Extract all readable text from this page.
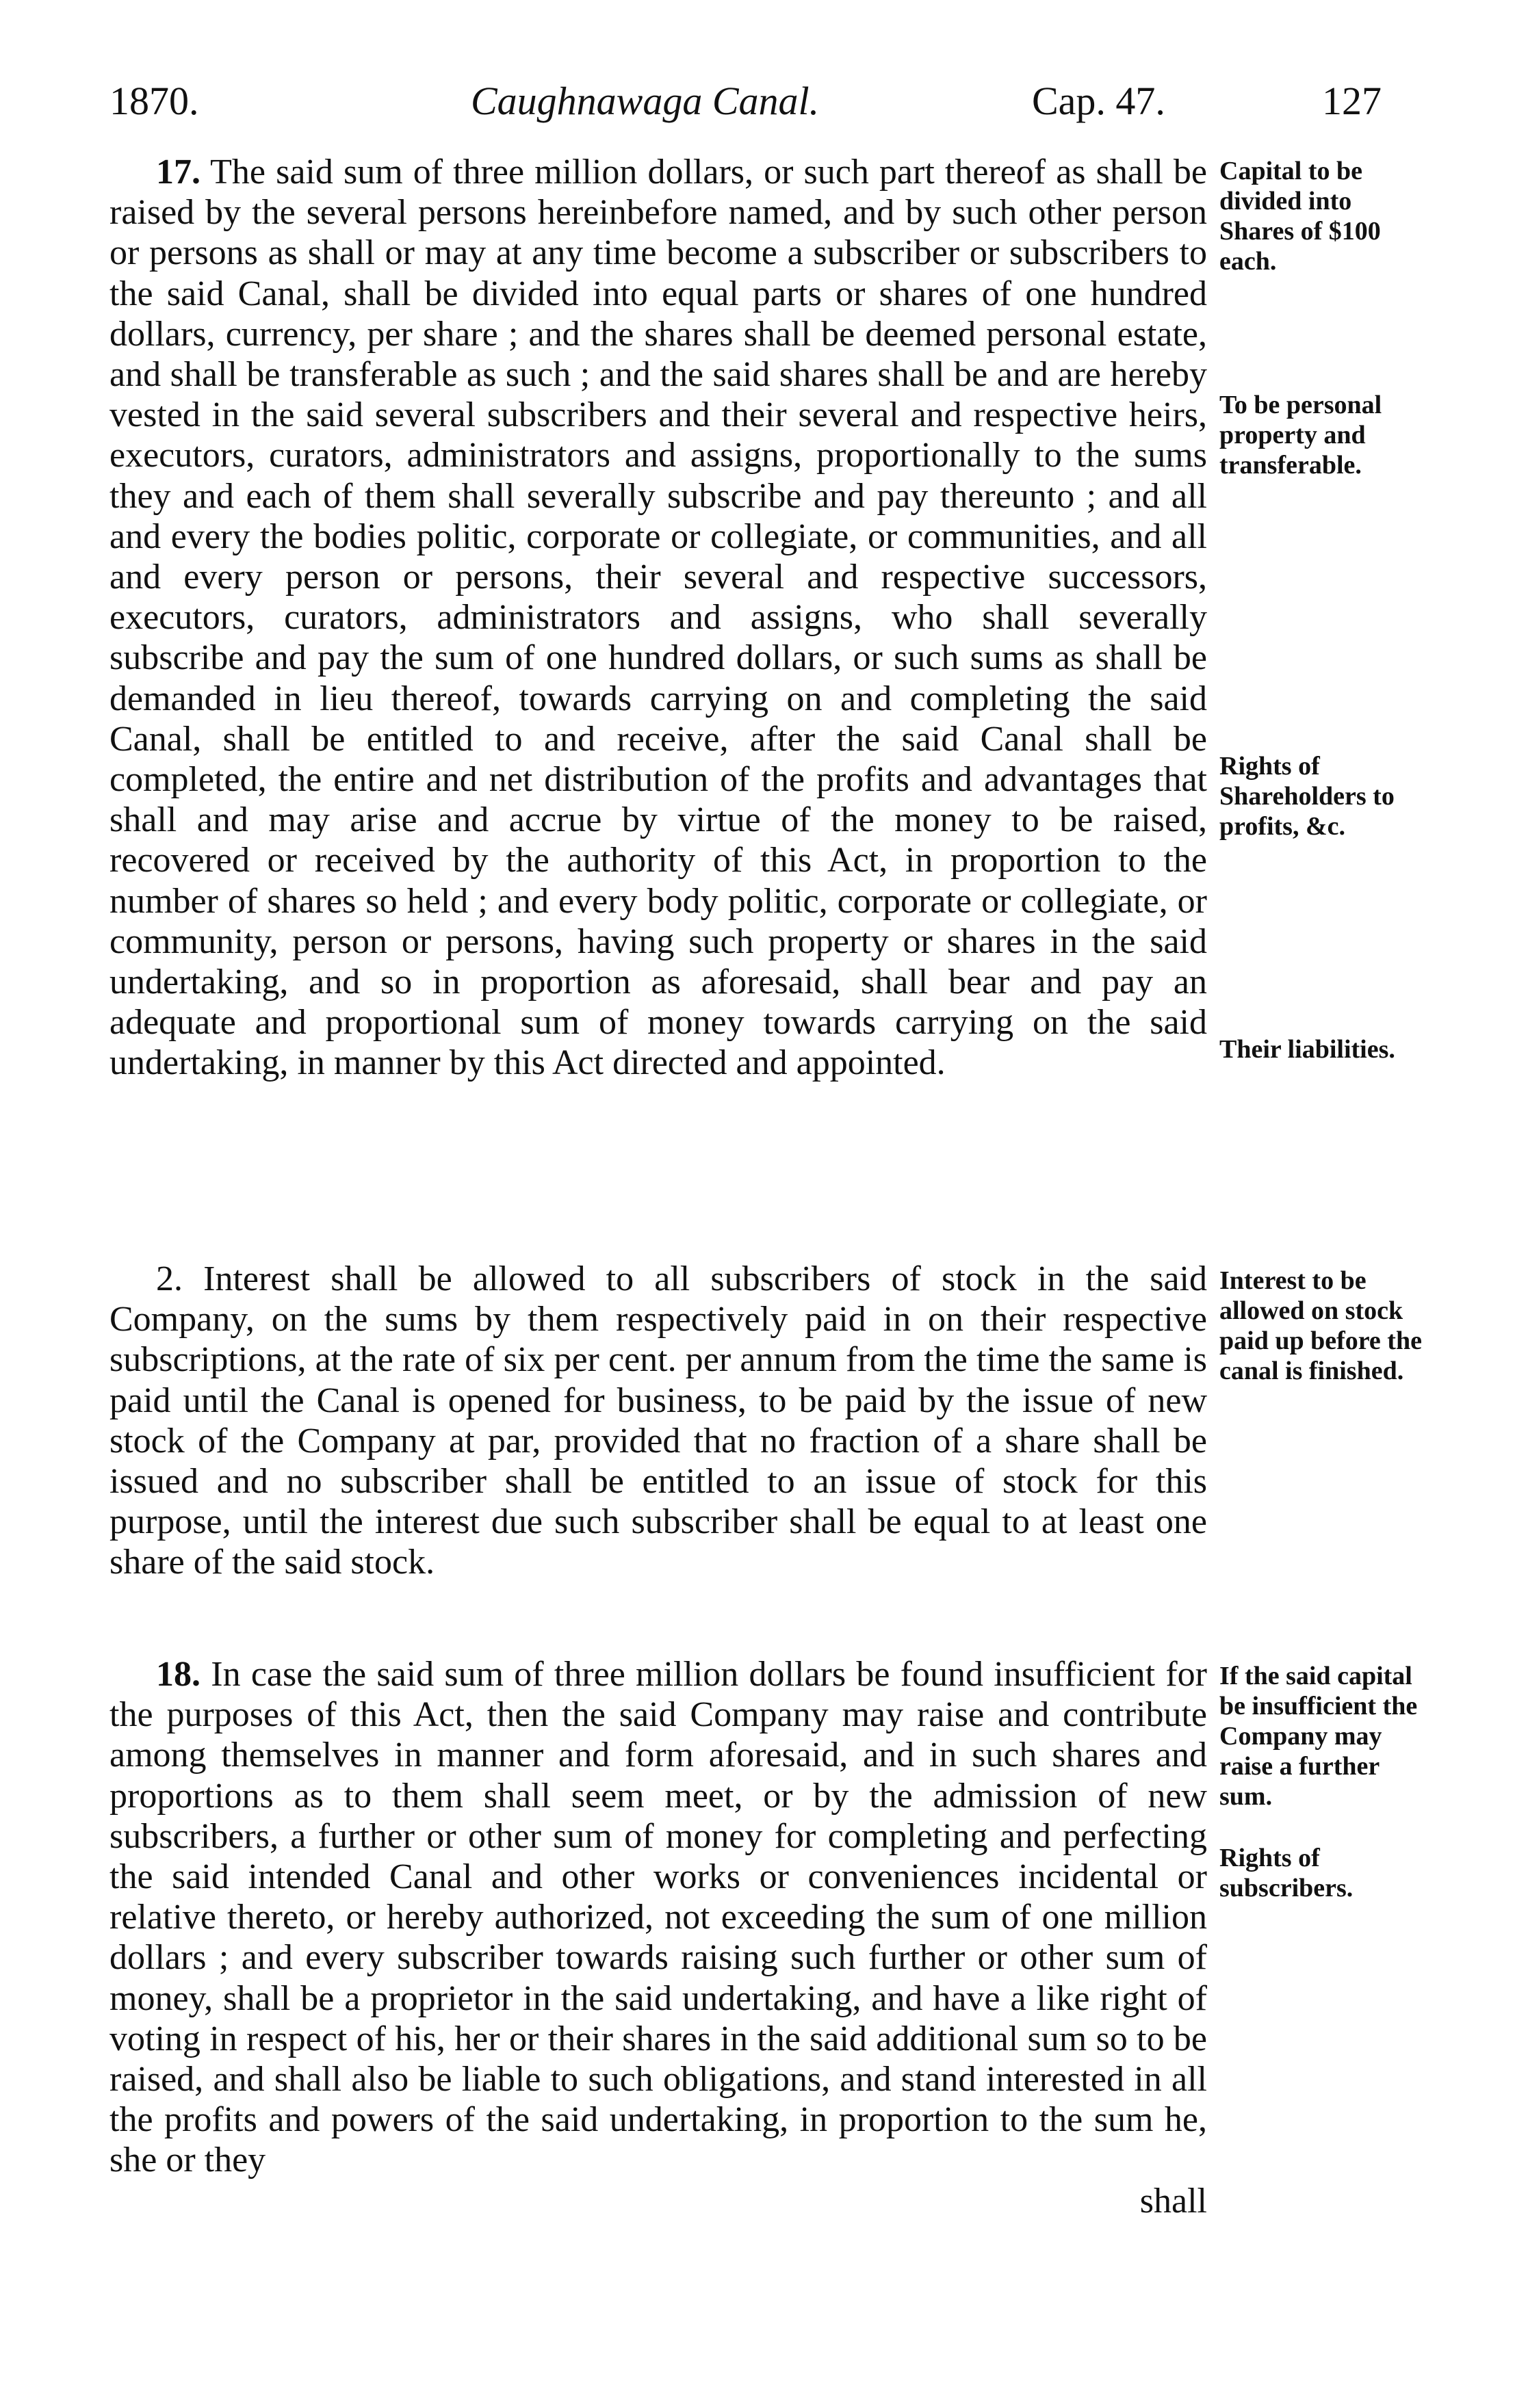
1870.	Caughnawaga Canal.	Cap. 47.	127

17. The said sum of three million dollars, or such part thereof as shall be raised by the several persons hereinbefore named, and by such other person or persons as shall or may at any time become a subscriber or subscribers to the said Canal, shall be divided into equal parts or shares of one hundred dollars, currency, per share ; and the shares shall be deemed personal estate, and shall be transferable as such ; and the said shares shall be and are hereby vested in the said several subscribers and their several and respective heirs, executors, curators, administrators and assigns, proportionally to the sums they and each of them shall severally subscribe and pay thereunto ; and all and every the bodies politic, corporate or collegiate, or communities, and all and every person or persons, their several and respective successors, executors, curators, administrators and assigns, who shall severally subscribe and pay the sum of one hundred dollars, or such sums as shall be demanded in lieu thereof, towards carrying on and completing the said Canal, shall be entitled to and receive, after the said Canal shall be completed, the entire and net distribution of the profits and advantages that shall and may arise and accrue by virtue of the money to be raised, recovered or received by the authority of this Act, in proportion to the number of shares so held ; and every body politic, corporate or collegiate, or community, person or persons, having such property or shares in the said undertaking, and so in proportion as aforesaid, shall bear and pay an adequate and proportional sum of money towards carrying on the said undertaking, in manner by this Act directed and appointed.

2. Interest shall be allowed to all subscribers of stock in the said Company, on the sums by them respectively paid in on their respective subscriptions, at the rate of six per cent. per annum from the time the same is paid until the Canal is opened for business, to be paid by the issue of new stock of the Company at par, provided that no fraction of a share shall be issued and no subscriber shall be entitled to an issue of stock for this purpose, until the interest due such subscriber shall be equal to at least one share of the said stock.

18. In case the said sum of three million dollars be found insufficient for the purposes of this Act, then the said Company may raise and contribute among themselves in manner and form aforesaid, and in such shares and proportions as to them shall seem meet, or by the admission of new subscribers, a further or other sum of money for completing and perfecting the said intended Canal and other works or conveniences incidental or relative thereto, or hereby authorized, not exceeding the sum of one million dollars ; and every subscriber towards raising such further or other sum of money, shall be a proprietor in the said undertaking, and have a like right of voting in respect of his, her or their shares in the said additional sum so to be raised, and shall also be liable to such obligations, and stand interested in all the profits and powers of the said undertaking, in proportion to the sum he, she or they

shall

Capital to be divided into Shares of $100 each.
To be personal property and transferable.
Rights of Shareholders to profits, &c.
Their liabilities.
Interest to be allowed on stock paid up before the canal is finished.
If the said capital be insufficient the Company may raise a further sum.
Rights of subscribers.
